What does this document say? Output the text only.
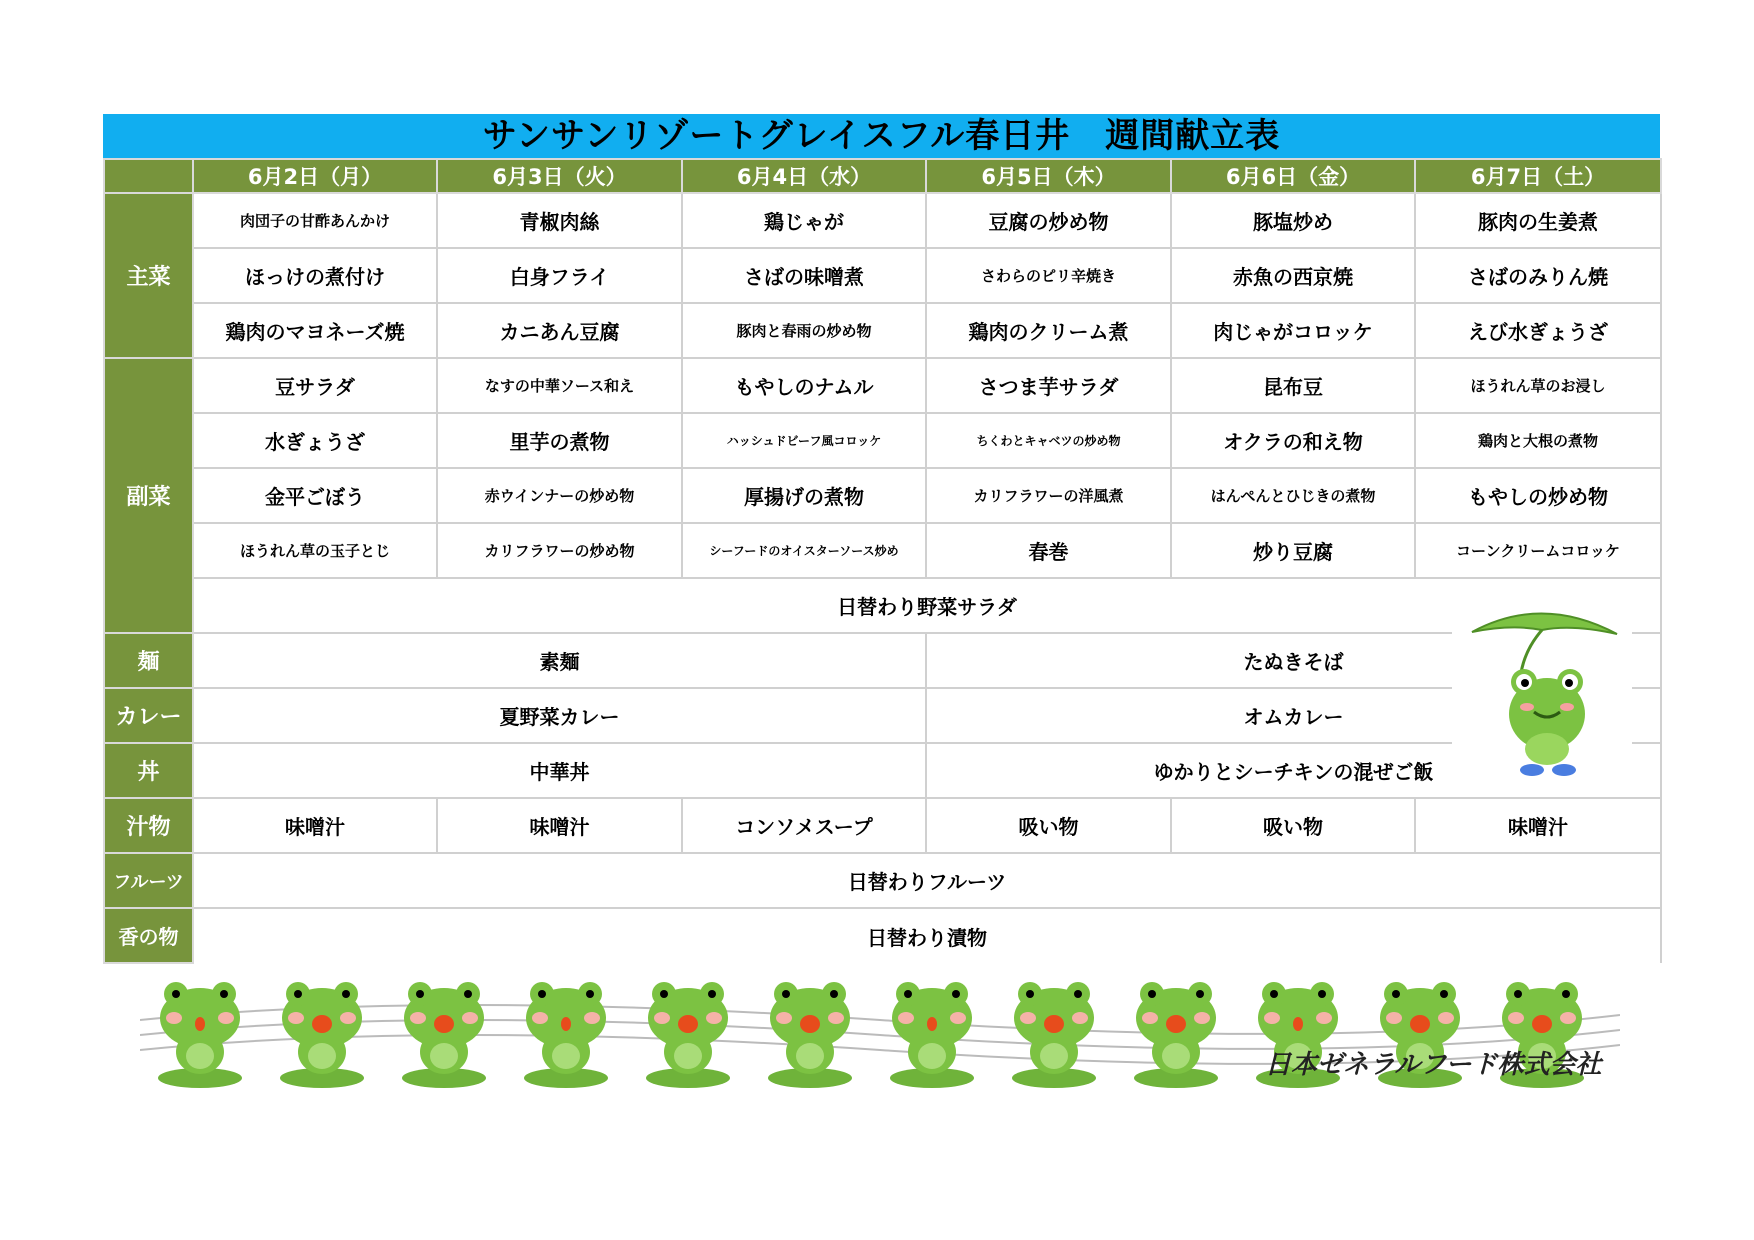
サンサンリゾートグレイスフル春日井　週間献立表
	6月2日（月）	6月3日（火）	6月4日（水）	6月5日（木）	6月6日（金）	6月7日（土）
主菜	肉団子の甘酢あんかけ	青椒肉絲	鶏じゃが	豆腐の炒め物	豚塩炒め	豚肉の生姜煮
	ほっけの煮付け	白身フライ	さばの味噌煮	さわらのピリ辛焼き	赤魚の西京焼	さばのみりん焼
	鶏肉のマヨネーズ焼	カニあん豆腐	豚肉と春雨の炒め物	鶏肉のクリーム煮	肉じゃがコロッケ	えび水ぎょうざ
副菜	豆サラダ	なすの中華ソース和え	もやしのナムル	さつま芋サラダ	昆布豆	ほうれん草のお浸し
	水ぎょうざ	里芋の煮物	ハッシュドビーフ風コロッケ	ちくわとキャベツの炒め物	オクラの和え物	鶏肉と大根の煮物
	金平ごぼう	赤ウインナーの炒め物	厚揚げの煮物	カリフラワーの洋風煮	はんぺんとひじきの煮物	もやしの炒め物
	ほうれん草の玉子とじ	カリフラワーの炒め物	シーフードのオイスターソース炒め	春巻	炒り豆腐	コーンクリームコロッケ
	日替わり野菜サラダ					
麺	素麺			たぬきそば		
カレー	夏野菜カレー			オムカレー		
丼	中華丼			ゆかりとシーチキンの混ぜご飯		
汁物	味噌汁	味噌汁	コンソメスープ	吸い物	吸い物	味噌汁
フルーツ	日替わりフルーツ					
香の物	日替わり漬物					
日本ゼネラルフード株式会社
